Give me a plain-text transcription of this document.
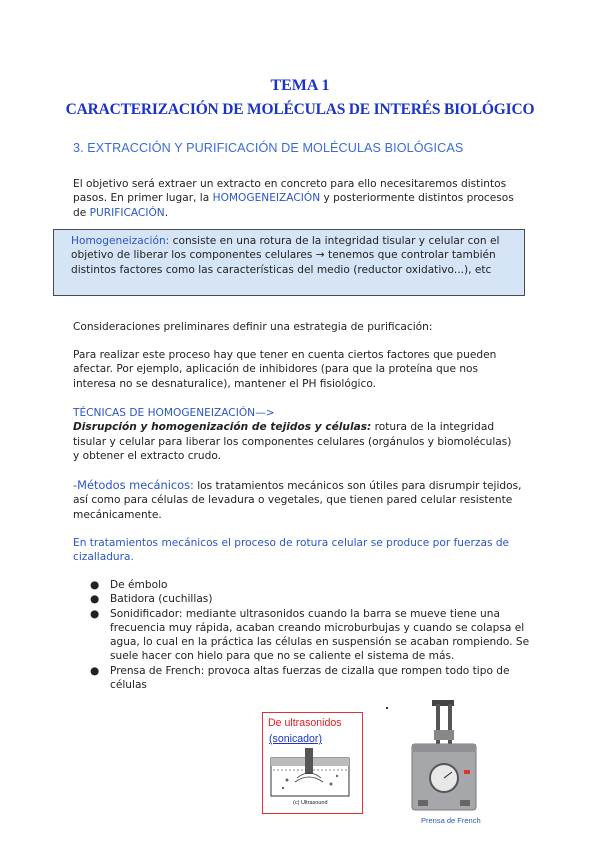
TEMA 1
CARACTERIZACIÓN DE MOLÉCULAS DE INTERÉS BIOLÓGICO
3. EXTRACCIÓN Y PURIFICACIÓN DE MOLÉCULAS BIOLÓGICAS
El objetivo será extraer un extracto en concreto para ello necesitaremos distintos pasos. En primer lugar, la HOMOGENEIZACIÓN y posteriormente distintos procesos de PURIFICACIÓN.
Homogeneización: consiste en una rotura de la integridad tisular y celular con el objetivo de liberar los componentes celulares → tenemos que controlar también distintos factores como las características del medio (reductor oxidativo...), etc
Consideraciones preliminares definir una estrategia de purificación:
Para realizar este proceso hay que tener en cuenta ciertos factores que pueden afectar. Por ejemplo, aplicación de inhibidores (para que la proteína que nos interesa no se desnaturalice), mantener el PH fisiológico.
TÉCNICAS DE HOMOGENEIZACIÓN—>
Disrupción y homogenización de tejidos y células: rotura de la integridad tisular y celular para liberar los componentes celulares (orgánulos y biomoléculas) y obtener el extracto crudo.
-Métodos mecánicos: los tratamientos mecánicos son útiles para disrumpir tejidos, así como para células de levadura o vegetales, que tienen pared celular resistente mecánicamente.
En tratamientos mecánicos el proceso de rotura celular se produce por fuerzas de cizalladura.
● De émbolo
● Batidora (cuchillas)
● Sonidificador: mediante ultrasonidos cuando la barra se mueve tiene una frecuencia muy rápida, acaban creando microburbujas y cuando se colapsa el agua, lo cual en la práctica las células en suspensión se acaban rompiendo. Se suele hacer con hielo para que no se caliente el sistema de más.
● Prensa de French: provoca altas fuerzas de cizalla que rompen todo tipo de células
De ultrasonidos
(sonicador)
(c) Ultrasound
Prensa de French
